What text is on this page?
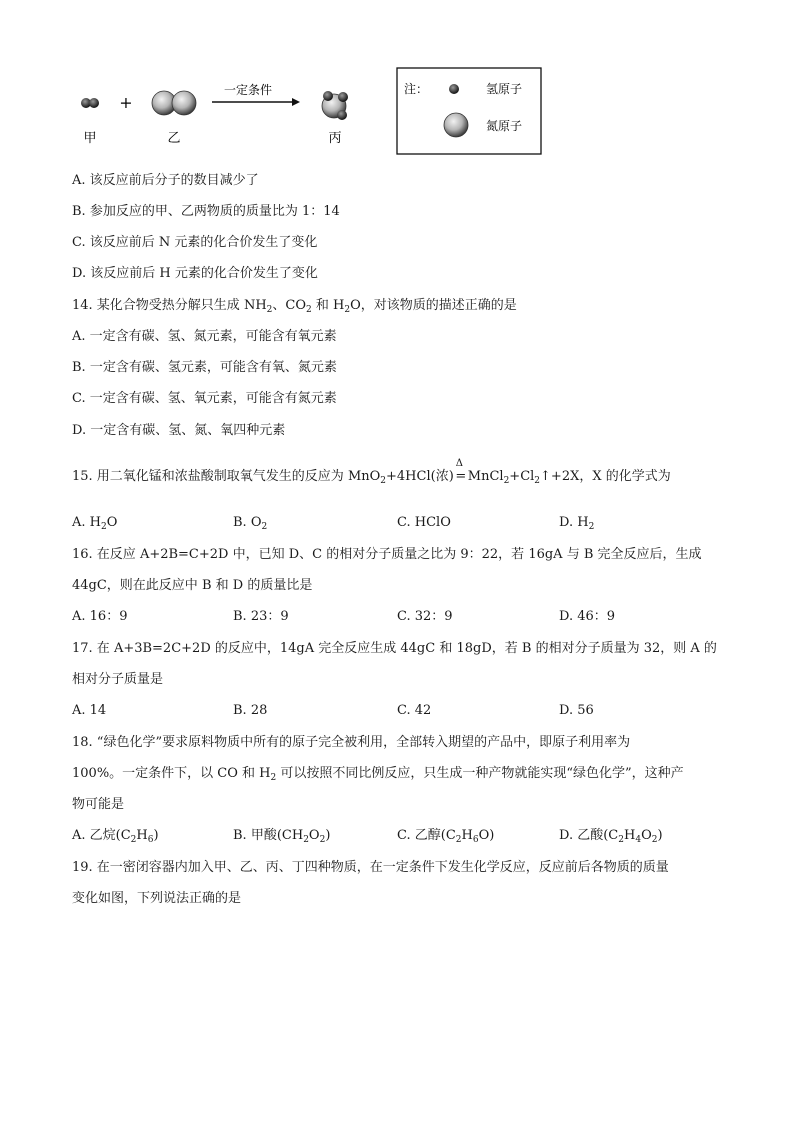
甲
+
乙
一定条件
丙
注：	氢原子
氮原子
A. 该反应前后分子的数目减少了
B. 参加反应的甲、乙两物质的质量比为 1：14
C. 该反应前后 N 元素的化合价发生了变化
D. 该反应前后 H 元素的化合价发生了变化
14. 某化合物受热分解只生成 $NH_2$、$CO_2$ 和 $H_2O$，对该物质的描述正确的是
A. 一定含有碳、氢、氮元素，可能含有氧元素
B. 一定含有碳、氢元素，可能含有氧、氮元素
C. 一定含有碳、氢、氧元素，可能含有氮元素
D. 一定含有碳、氢、氮、氧四种元素
15. 用二氧化锰和浓盐酸制取氧气发生的反应为 MnO$_2$+4HCl(浓)
Δ
= $MnCl_2+Cl_2↑+2X$，X 的化学式为
A. $H_2O$	B. $O_2$	C. HClO	D. $H_2$
16. 在反应 A+2B=C+2D 中，已知 D、C 的相对分子质量之比为 9：22，若 16gA 与 B 完全反应后，生成
44gC，则在此反应中 B 和 D 的质量比是
A. 16：9	B. 23：9	C. 32：9	D. 46：9
17. 在 A+3B=2C+2D 的反应中，14gA 完全反应生成 44gC 和 18gD，若 B 的相对分子质量为 32，则 A 的
相对分子质量是
A. 14	B. 28	C. 42	D. 56
18. “绿色化学”要求原料物质中所有的原子完全被利用，全部转入期望的产品中，即原子利用率为
100%。一定条件下，以 CO 和 $H_2$ 可以按照不同比例反应，只生成一种产物就能实现“绿色化学”，这种产
物可能是
A. 乙烷$(C_2H_6)$	B. 甲酸$(CH_2O_2)$	C. 乙醇$(C_2H_6O)$	D. 乙酸$(C_2H_4O_2)$
19. 在一密闭容器内加入甲、乙、丙、丁四种物质，在一定条件下发生化学反应，反应前后各物质的质量
变化如图，下列说法正确的是
